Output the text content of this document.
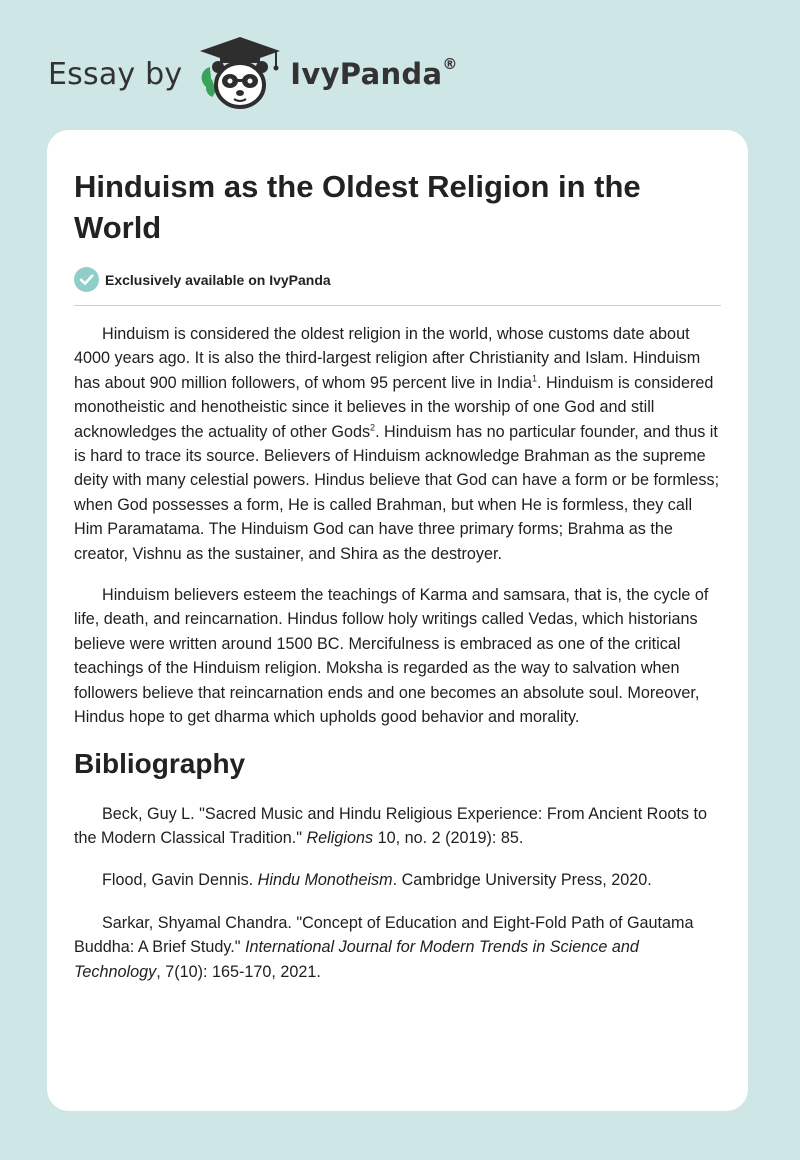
Essay by	IvyPanda®
Hinduism as the Oldest Religion in the World
Exclusively available on IvyPanda

Hinduism is considered the oldest religion in the world, whose customs date about 4000 years ago. It is also the third-largest religion after Christianity and Islam. Hinduism has about 900 million followers, of whom 95 percent live in India$^1$. Hinduism is considered monotheistic and henotheistic since it believes in the worship of one God and still acknowledges the actuality of other Gods$^2$. Hinduism has no particular founder, and thus it is hard to trace its source. Believers of Hinduism acknowledge Brahman as the supreme deity with many celestial powers. Hindus believe that God can have a form or be formless; when God possesses a form, He is called Brahman, but when He is formless, they call Him Paramatama. The Hinduism God can have three primary forms; Brahma as the creator, Vishnu as the sustainer, and Shira as the destroyer.

Hinduism believers esteem the teachings of Karma and samsara, that is, the cycle of life, death, and reincarnation. Hindus follow holy writings called Vedas, which historians believe were written around 1500 BC. Mercifulness is embraced as one of the critical teachings of the Hinduism religion. Moksha is regarded as the way to salvation when followers believe that reincarnation ends and one becomes an absolute soul. Moreover, Hindus hope to get dharma which upholds good behavior and morality.

Bibliography

Beck, Guy L. "Sacred Music and Hindu Religious Experience: From Ancient Roots to the Modern Classical Tradition." Religions 10, no. 2 (2019): 85.

Flood, Gavin Dennis. Hindu Monotheism. Cambridge University Press, 2020.

Sarkar, Shyamal Chandra. "Concept of Education and Eight-Fold Path of Gautama Buddha: A Brief Study." International Journal for Modern Trends in Science and Technology, 7(10): 165-170, 2021.
